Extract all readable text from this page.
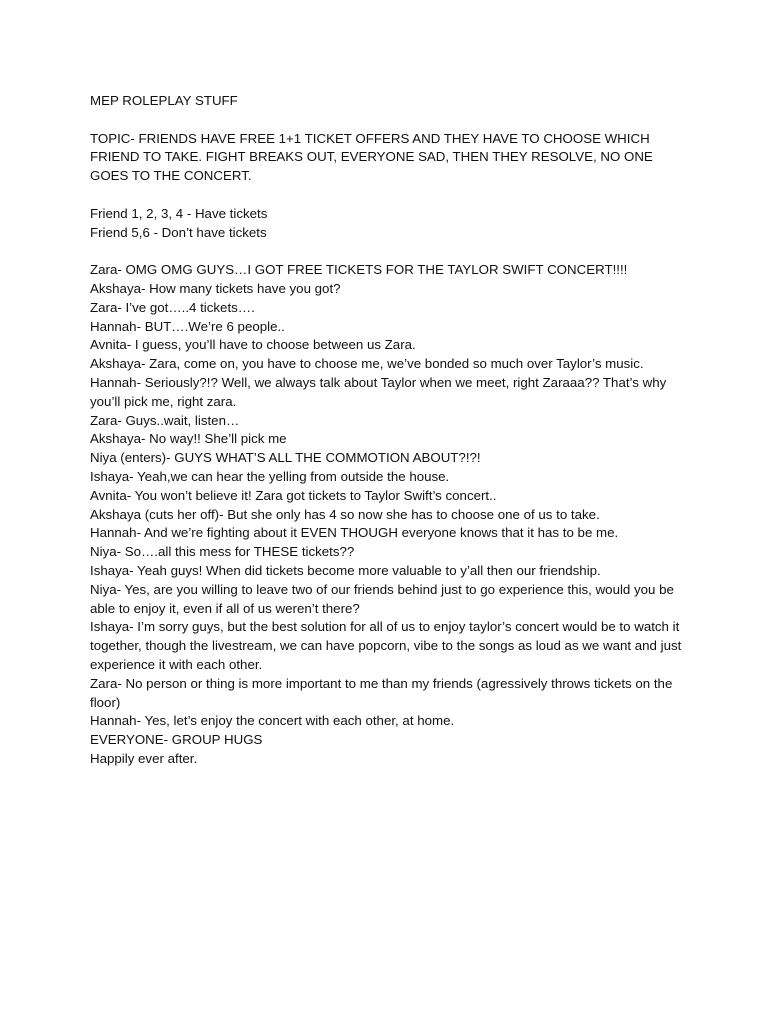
MEP ROLEPLAY STUFF
TOPIC- FRIENDS HAVE FREE 1+1 TICKET OFFERS AND THEY HAVE TO CHOOSE WHICH FRIEND TO TAKE. FIGHT BREAKS OUT, EVERYONE SAD, THEN THEY RESOLVE, NO ONE GOES TO THE CONCERT.
Friend 1, 2, 3, 4 - Have tickets
Friend 5,6 - Don’t have tickets
Zara- OMG OMG GUYS…I GOT FREE TICKETS FOR THE TAYLOR SWIFT CONCERT!!!!
Akshaya- How many tickets have you got?
Zara- I’ve got…..4 tickets….
Hannah- BUT….We’re 6 people..
Avnita- I guess, you’ll have to choose between us Zara.
Akshaya- Zara, come on, you have to choose me, we’ve bonded so much over Taylor’s music.
Hannah- Seriously?!? Well, we always talk about Taylor when we meet, right Zaraaa?? That’s why you’ll pick me, right zara.
Zara- Guys..wait, listen…
Akshaya- No way!! She’ll pick me
Niya (enters)- GUYS WHAT’S ALL THE COMMOTION ABOUT?!?!
Ishaya- Yeah,we can hear the yelling from outside the house.
Avnita- You won’t believe it! Zara got tickets to Taylor Swift’s concert..
Akshaya (cuts her off)- But she only has 4 so now she has to choose one of us to take.
Hannah- And we’re fighting about it EVEN THOUGH everyone knows that it has to be me.
Niya- So….all this mess for THESE tickets??
Ishaya- Yeah guys! When did tickets become more valuable to y’all then our friendship.
Niya- Yes, are you willing to leave two of our friends behind just to go experience this, would you be able to enjoy it, even if all of us weren’t there?
Ishaya- I’m sorry guys, but the best solution for all of us to enjoy taylor’s concert would be to watch it together, though the livestream, we can have popcorn, vibe to the songs as loud as we want and just experience it with each other.
Zara- No person or thing is more important to me than my friends (agressively throws tickets on the floor)
Hannah- Yes, let’s enjoy the concert with each other, at home.
EVERYONE- GROUP HUGS
Happily ever after.
